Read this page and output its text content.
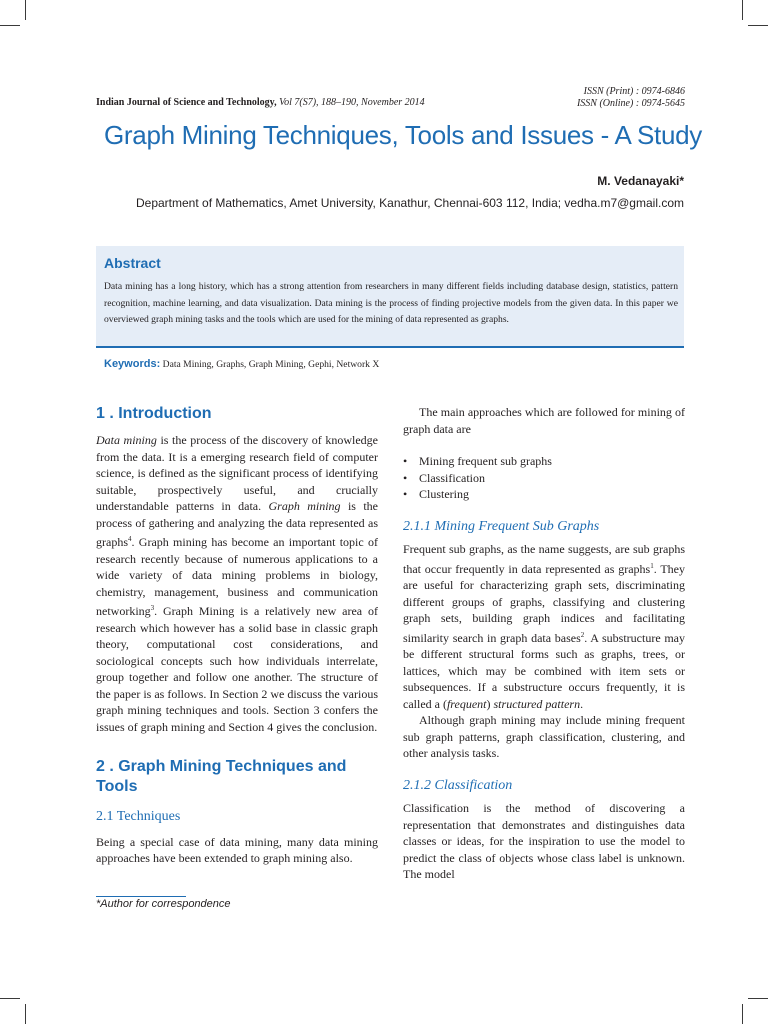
ISSN (Print) : 0974-6846
ISSN (Online) : 0974-5645
Indian Journal of Science and Technology, Vol 7(S7), 188–190, November 2014
Graph Mining Techniques, Tools and Issues - A Study
M. Vedanayaki*
Department of Mathematics, Amet University, Kanathur, Chennai-603 112, India; vedha.m7@gmail.com
Abstract
Data mining has a long history, which has a strong attention from researchers in many different fields including database design, statistics, pattern recognition, machine learning, and data visualization. Data mining is the process of finding projective models from the given data. In this paper we overviewed graph mining tasks and the tools which are used for the mining of data represented as graphs.
Keywords: Data Mining, Graphs, Graph Mining, Gephi, Network X
1 . Introduction

Data mining is the process of the discovery of knowledge from the data. It is a emerging research field of computer science, is defined as the significant process of identifying suitable, prospectively useful, and crucially understandable patterns in data. Graph mining is the process of gathering and analyzing the data represented as graphs$^4$. Graph mining has become an important topic of research recently because of numerous applications to a wide variety of data mining problems in biology, chemistry, management, business and communication networking$^3$. Graph Mining is a relatively new area of research which however has a solid base in classic graph theory, computational cost considerations, and sociological concepts such how individuals interrelate, group together and follow one another. The structure of the paper is as follows. In Section 2 we discuss the various graph mining techniques and tools. Section 3 confers the issues of graph mining and Section 4 gives the conclusion.

2 . Graph Mining Techniques and Tools
2.1 Techniques

Being a special case of data mining, many data mining approaches have been extended to graph mining also.

The main approaches which are followed for mining of graph data are

• Mining frequent sub graphs
• Classification
• Clustering
2.1.1 Mining Frequent Sub Graphs

Frequent sub graphs, as the name suggests, are sub graphs that occur frequently in data represented as graphs$^1$. They are useful for characterizing graph sets, discriminating different groups of graphs, classifying and clustering graph sets, building graph indices and facilitating similarity search in graph data bases$^2$. A substructure may be different structural forms such as graphs, trees, or lattices, which may be combined with item sets or subsequences. If a substructure occurs frequently, it is called a (frequent) structured pattern.

Although graph mining may include mining frequent sub graph patterns, graph classification, clustering, and other analysis tasks.

2.1.2 Classification

Classification is the method of discovering a representation that demonstrates and distinguishes data classes or ideas, for the inspiration to use the model to predict the class of objects whose class label is unknown. The model

*Author for correspondence
